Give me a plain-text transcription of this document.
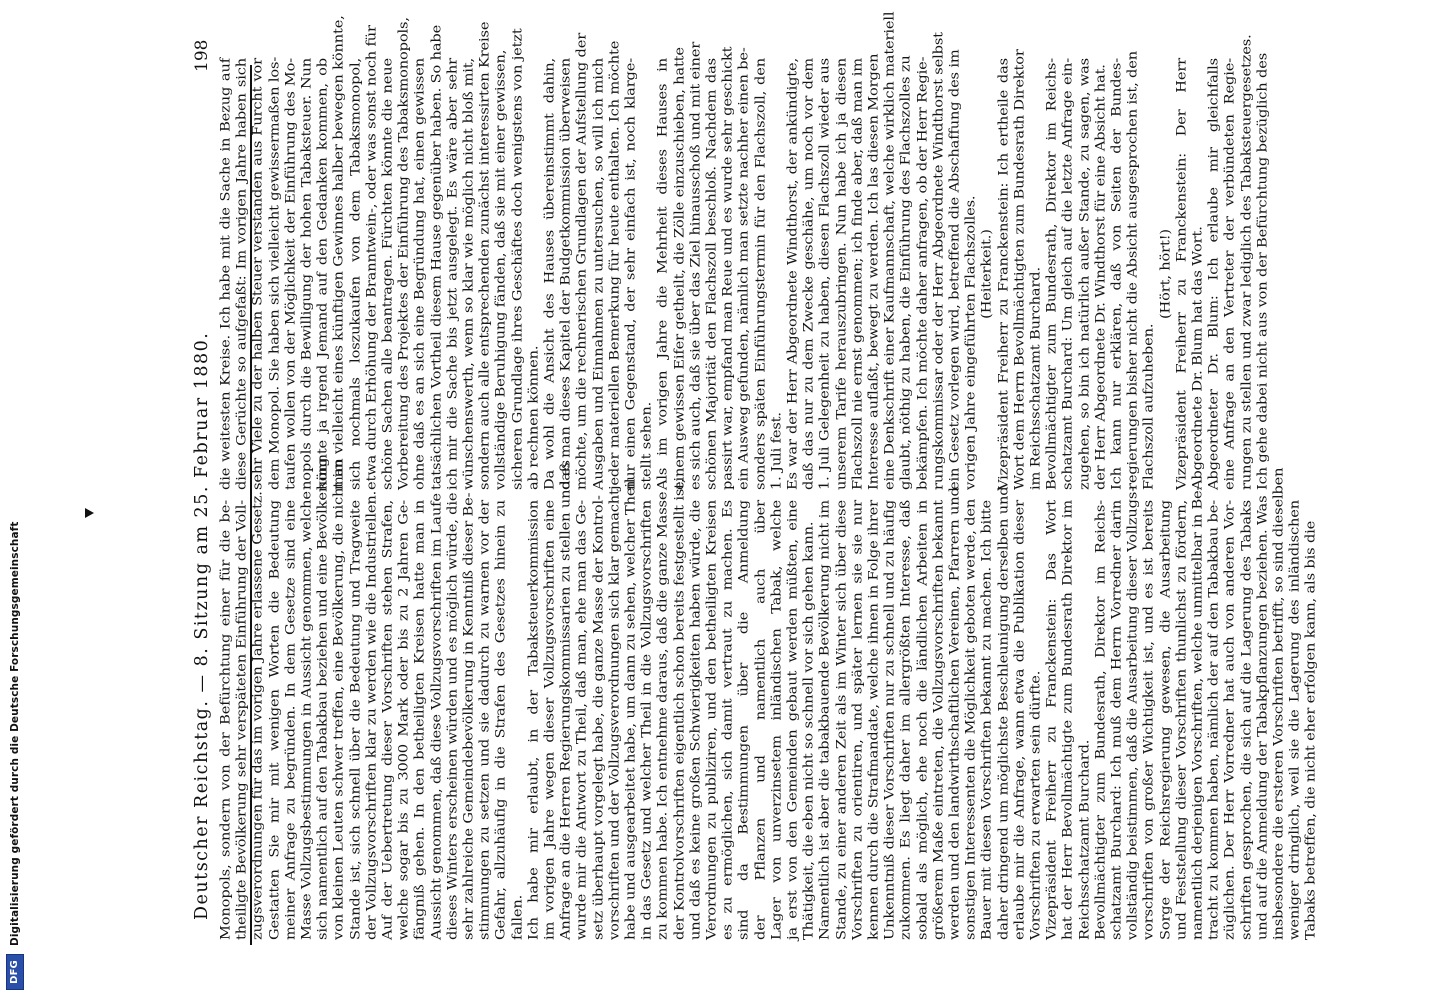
198
Deutscher Reichstag. — 8. Sitzung am 25. Februar 1880.
die weitesten Kreise. Ich habe mit die Sache in Bezug auf diese Gerüchte so aufgefaßt: Im vorigen Jahre haben sich sehr Viele zu der halben Steuer verstanden aus Furcht vor dem Monopol. Sie haben sich vielleicht gewissermaßen los- taufen wollen von der Möglichkeit der Einführung des Mo- nopols durch die Bewilligung der hohen Tabaksteuer. Nun könnte ja irgend Jemand auf den Gedanken kommen, ob man vielleicht eines künftigen Gewinnes halber bewegen könnte, sich nochmals loszukaufen von dem Tabaksmonopol, etwa durch Erhöhung der Branntwein-, oder was sonst noch für schöne Sachen alle beantragen. Fürchten könnte die neue Vorbereitung des Projektes der Einführung des Tabaksmonopols, ohne daß es an sich eine Begründung hat, einen gewissen tatsächlichen Vortheil diesem Hause gegenüber haben. So habe ich mir die Sache bis jetzt ausgelegt. Es wäre aber sehr wünschenswerth, wenn so klar wie möglich nicht bloß mit, sondern auch alle entsprechenden zunächst interessirten Kreise vollständige Beruhigung fänden, daß sie mit einer gewissen, sicheren Grundlage ihres Geschäftes doch wenigstens von jetzt ab rechnen können. Da wohl die Ansicht des Hauses übereinstimmt dahin, daß man dieses Kapitel der Budgetkommission überweisen möchte, um die rechnerischen Grundlagen der Aufstellung der Ausgaben und Einnahmen zu untersuchen, so will ich mich jeder materiellen Bemerkung für heute enthalten. Ich möchte nur einen Gegenstand, der sehr einfach ist, noch klarge- stellt sehen. Als im vorigen Jahre die Mehrheit dieses Hauses in einem gewissen Eifer getheilt, die Zölle einzuschieben, hatte es sich auch, daß sie über das Ziel hinausschoß und mit einer schönen Majorität den Flachszoll beschloß. Nachdem das passirt war, empfand man Reue und es wurde sehr geschickt ein Ausweg gefunden, nämlich man setzte nachher einen be- sonders späten Einführungstermin für den Flachszoll, den 1. Juli fest. Es war der Herr Abgeordnete Windthorst, der ankündigte, daß das nur zu dem Zwecke geschähe, um noch vor dem 1. Juli Gelegenheit zu haben, diesen Flachszoll wieder aus unserem Tarife herauszubringen. Nun habe ich ja diesen Flachszoll nie ernst genommen; ich finde aber, daß man im Interesse auflaßt, bewegt zu werden. Ich las diesen Morgen eine Denkschrift einer Kaufmannschaft, welche wirklich materiell glaubt, nöthig zu haben, die Einführung des Flachszolles zu bekämpfen. Ich möchte daher anfragen, ob der Herr Regie- rungskommissar oder der Herr Abgeordnete Windthorst selbst ein Gesetz vorlegen wird, betreffend die Abschaffung des im vorigen Jahre eingeführten Flachszolles. (Heiterkeit.) Vizepräsident Freiherr zu Franckenstein: Ich ertheile das Wort dem Herrn Bevollmächtigten zum Bundesrath Direktor im Reichsschatzamt Burchard. Bevollmächtigter zum Bundesrath, Direktor im Reichs- schatzamt Burchard: Um gleich auf die letzte Anfrage ein- zugehen, so bin ich natürlich außer Stande, zu sagen, was der Herr Abgeordnete Dr. Windthorst für eine Absicht hat. Ich kann nur erklären, daß von Seiten der Bundes- regierungen bisher nicht die Absicht ausgesprochen ist, den Flachszoll aufzuheben.
(Hört, hört!) Vizepräsident Freiherr zu Franckenstein: Der Herr Abgeordnete Dr. Blum hat das Wort. Abgeordneter Dr. Blum: Ich erlaube mir gleichfalls eine Anfrage an den Vertreter der verbündeten Regie- rungen zu stellen und zwar lediglich des Tabaksteuergesetzes. Ich gehe dabei nicht aus von der Befürchtung bezüglich des
Monopols, sondern von der Befürchtung einer für die be- theiligte Bevölkerung sehr verspäteten Einführung der Voll- zugsverordnungen für das im vorigen Jahre erlassene Gesetz. Gestatten Sie mir mit wenigen Worten die Bedeutung meiner Anfrage zu begründen. In dem Gesetze sind eine Masse Vollzugsbestimmungen in Aussicht genommen, welche sich namentlich auf den Tabakbau beziehen und eine Bevölkerung von kleinen Leuten schwer treffen, eine Bevölkerung, die nicht im Stande ist, sich schnell über die Bedeutung und Tragweite der Vollzugsvorschriften klar zu werden wie die Industriellen. Auf der Uebertretung dieser Vorschriften stehen Strafen, welche sogar bis zu 3000 Mark oder bis zu 2 Jahren Ge- fängniß gehen. In den betheiligten Kreisen hatte man in Aussicht genommen, daß diese Vollzugsvorschriften im Laufe dieses Winters erscheinen würden und es möglich würde, die sehr zahlreiche Gemeindebevölkerung in Kenntniß dieser Be- stimmungen zu setzen und sie dadurch zu warnen vor der Gefahr, allzuhäufig in die Strafen des Gesetzes hinein zu fallen. Ich habe mir erlaubt, in der Tabaksteuerkommission im vorigen Jahre wegen dieser Vollzugsvorschriften eine Anfrage an die Herren Regierungskommissarien zu stellen und es wurde mir die Antwort zu Theil, daß man, ehe man das Ge- setz überhaupt vorgelegt habe, die ganze Masse der Kontrol- vorschriften und der Vollzugsverordnungen sich klar gemacht habe und ausgearbeitet habe, um dann zu sehen, welcher Theil in das Gesetz und welcher Theil in die Vollzugsvorschriften zu kommen habe. Ich entnehme daraus, daß die ganze Masse der Kontrolvorschriften eigentlich schon bereits festgestellt ist, und daß es keine großen Schwierigkeiten haben würde, die Verordnungen zu publiziren, und den betheiligten Kreisen es zu ermöglichen, sich damit vertraut zu machen. Es sind da Bestimmungen über die Anmeldung der Pflanzen und namentlich auch über Lager von unverzinsetem inländischen Tabak, welche ja erst von den Gemeinden gebaut werden müßten, eine Thätigkeit, die eben nicht so schnell vor sich gehen kann. Namentlich ist aber die tabakbauende Bevölkerung nicht im Stande, zu einer anderen Zeit als im Winter sich über diese Vorschriften zu orientiren, und später lernen sie sie nur kennen durch die Strafmandate, welche ihnen in Folge ihrer Unkenntniß dieser Vorschriften nur zu schnell und zu häufig zukommen. Es liegt daher im allergrößten Interesse, daß sobald als möglich, ehe noch die ländlichen Arbeiten in größerem Maße eintreten, die Vollzugsvorschriften bekannt werden und den landwirthschaftlichen Vereinen, Pfarrern und sonstigen Interessenten die Möglichkeit geboten werde, den Bauer mit diesen Vorschriften bekannt zu machen. Ich bitte daher dringend um möglichste Beschleunigung derselben und erlaube mir die Anfrage, wann etwa die Publikation dieser Vorschriften zu erwarten sein dürfte. Vizepräsident Freiherr zu Franckenstein: Das Wort hat der Herr Bevollmächtigte zum Bundesrath Direktor im Reichsschatzamt Burchard. Bevollmächtigter zum Bundesrath, Direktor im Reichs- schatzamt Burchard: Ich muß dem Herrn Vorredner darin vollständig beistimmen, daß die Ausarbeitung dieser Vollzugs- vorschriften von großer Wichtigkeit ist, und es ist bereits Sorge der Reichsregierung gewesen, die Ausarbeitung und Feststellung dieser Vorschriften thunlichst zu fördern, namentlich derjenigen Vorschriften, welche unmittelbar in Be- tracht zu kommen haben, nämlich der auf den Tabakbau be- züglichen. Der Herr Vorredner hat auch von anderen Vor- schriften gesprochen, die sich auf die Lagerung des Tabaks und auf die Anmeldung der Tabakpflanzungen beziehen. Was insbesondere die ersteren Vorschriften betrifft, so sind dieselben weniger dringlich, weil sie die Lagerung des inländischen Tabaks betreffen, die nicht eher erfolgen kann, als bis die
DFG
Digitalisierung gefördert durch die Deutsche Forschungsgemeinschaft
